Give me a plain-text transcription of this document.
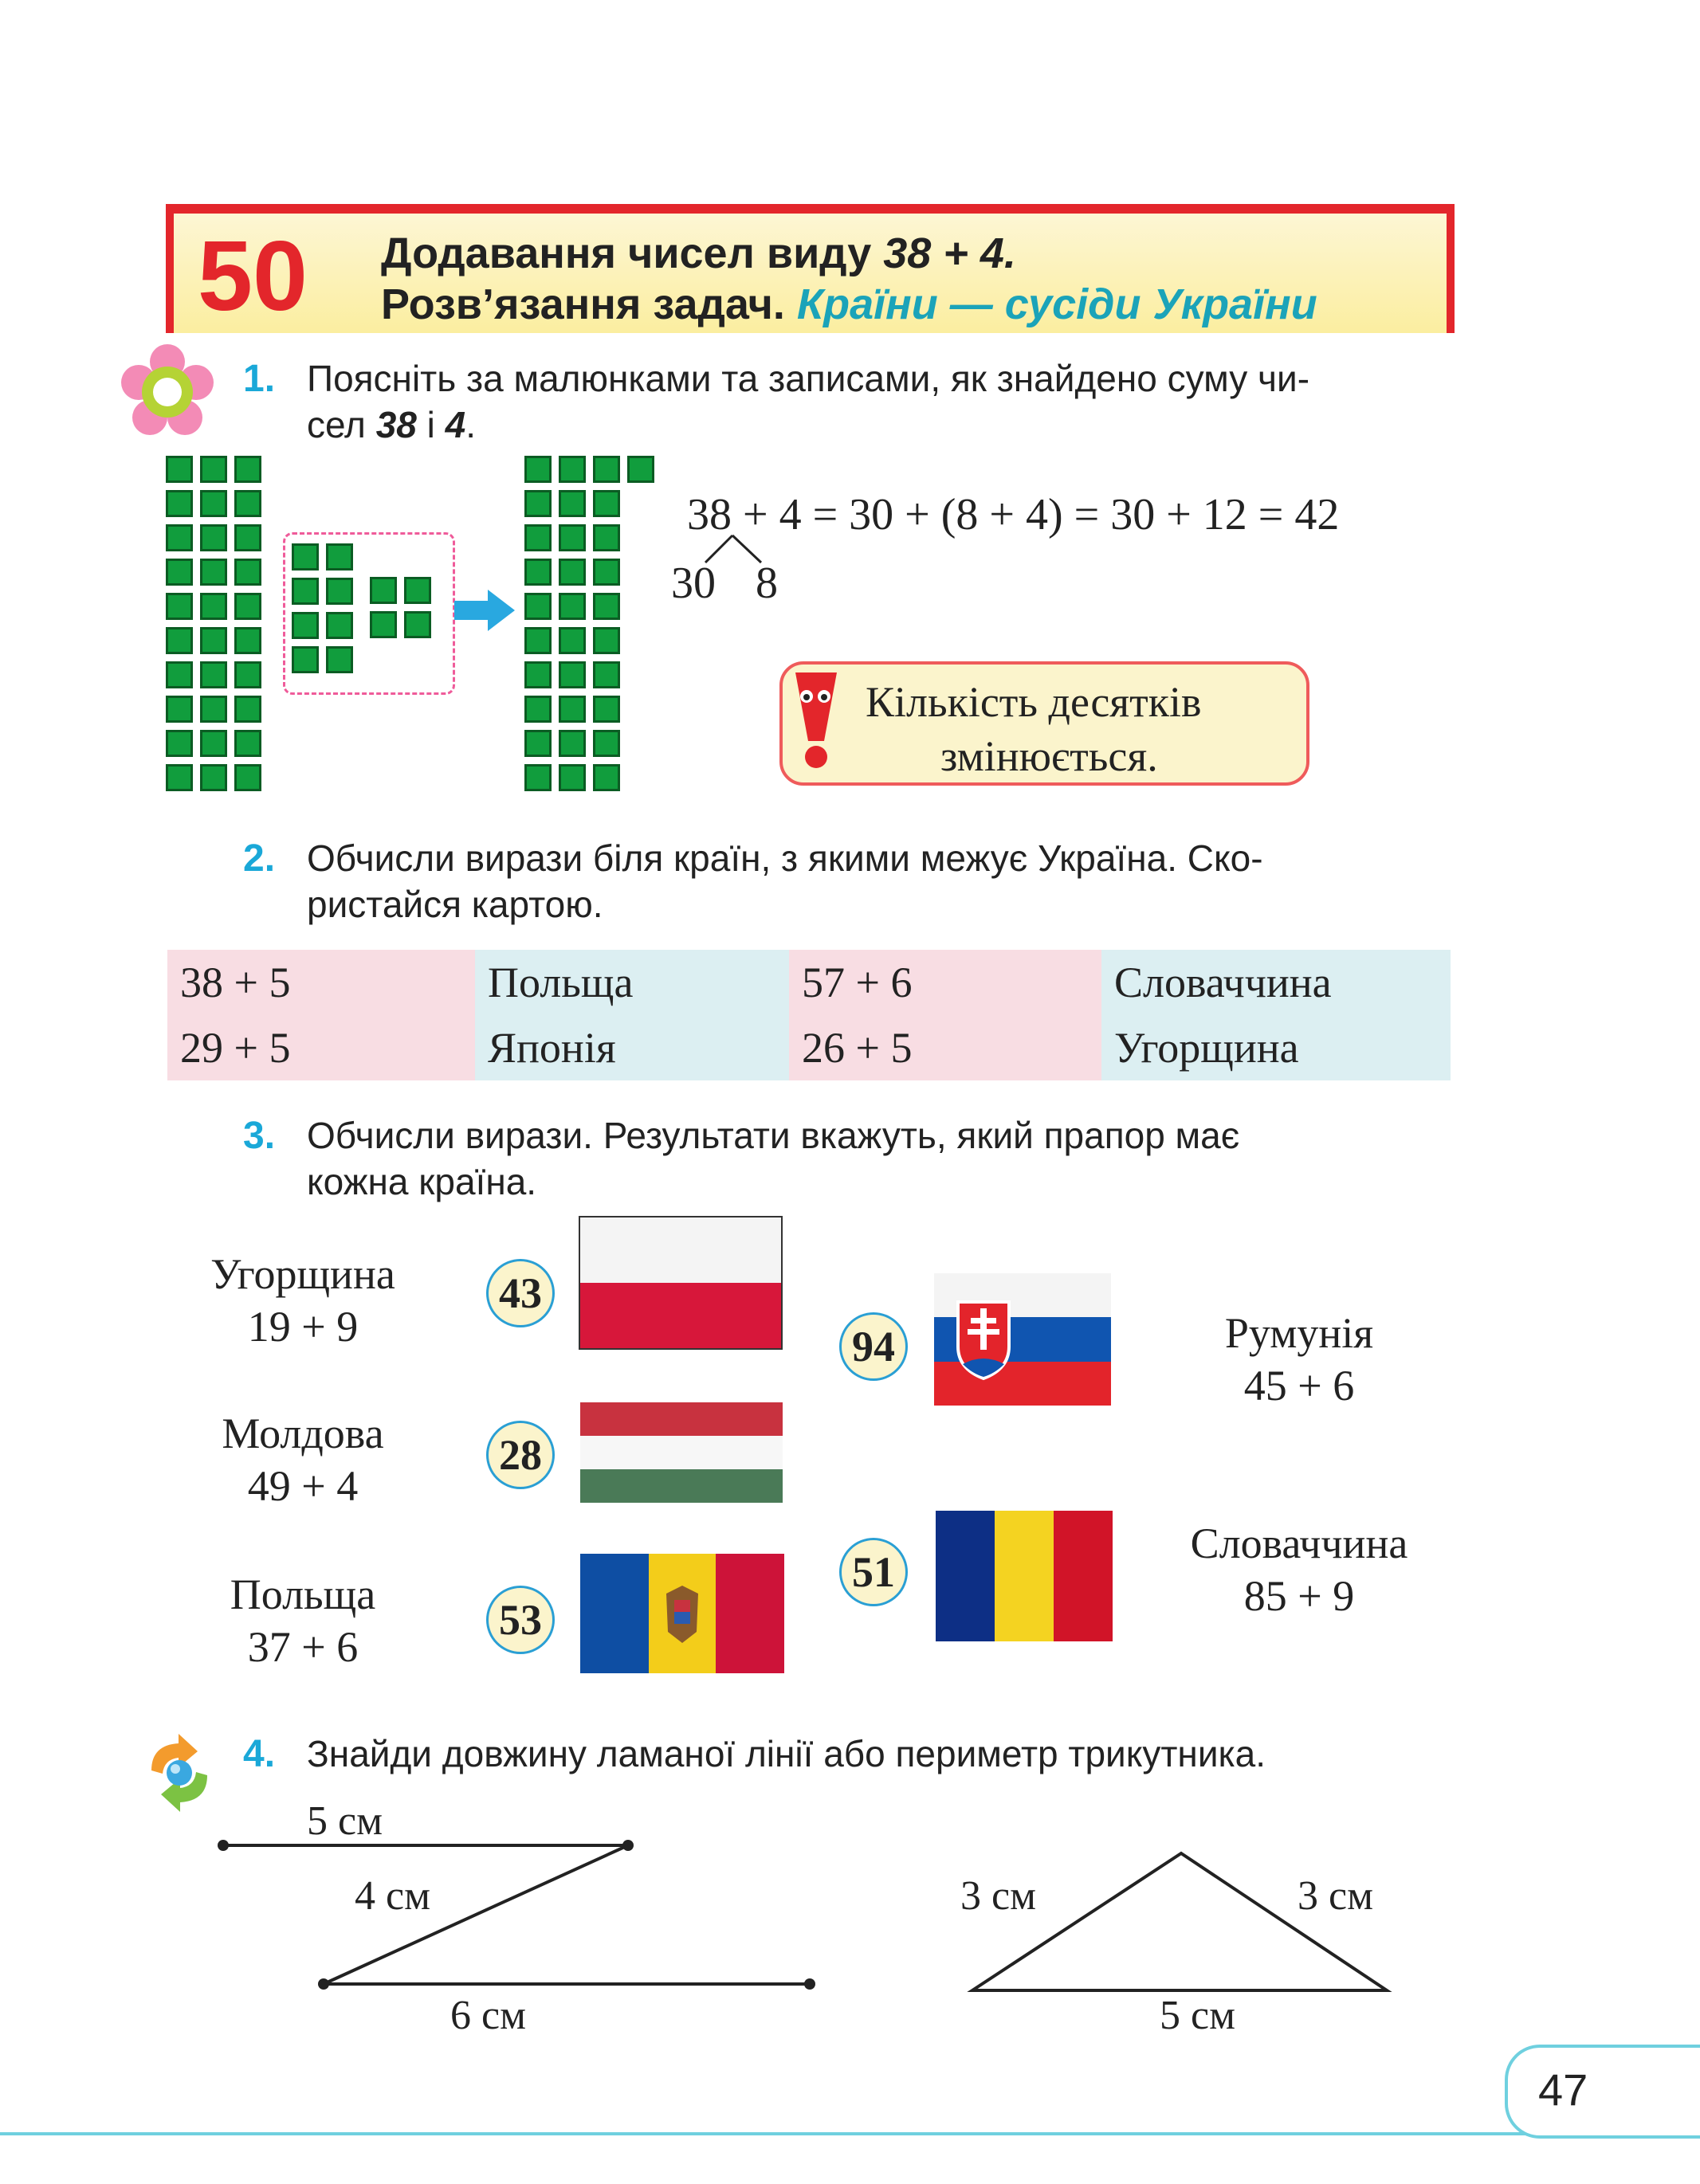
50 Додавання чисел виду 38 + 4.
Розв’язання задач. Країни — сусіди України
1. Поясніть за малюнками та записами, як знайдено суму чи-
сел 38 і 4.
38 + 4 = 30 + (8 + 4) = 30 + 12 = 42
30 8
Кількість десятків
змінюється.
2. Обчисли вирази біля країн, з якими межує Україна. Ско-
ристайся картою.
38 + 5	Польща	57 + 6	Словаччина
29 + 5	Японія	26 + 5	Угорщина
3. Обчисли вирази. Результати вкажуть, який прапор має
кожна країна.
Угорщина
19 + 9
Молдова
49 + 4
Польща
37 + 6
43
28
53
94
51
Румунія
45 + 6
Словаччина
85 + 9
4. Знайди довжину ламаної лінії або периметр трикутника.
5 см
4 см
6 см
3 см	3 см
5 см
47
